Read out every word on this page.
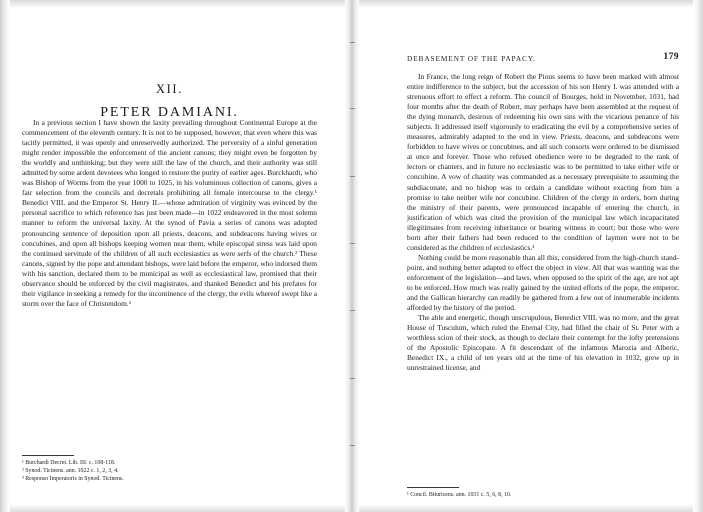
XII.
PETER DAMIANI.

In a previous section I have shown the laxity prevailing throughout Continental Europe at the commencement of the eleventh century. It is not to be supposed, however, that even where this was tacitly permitted, it was openly and unreservedly authorized. The perversity of a sinful generation might render impossible the enforcement of the ancient canons; they might even be forgotten by the worldly and unthinking; but they were still the law of the church, and their authority was still admitted by some ardent devotees who longed to restore the purity of earlier ages. Burckhardt, who was Bishop of Worms from the year 1000 to 1025, in his voluminous collection of canons, gives a fair selection from the councils and decretals prohibiting all female intercourse to the clergy.¹ Benedict VIII. and the Emperor St. Henry II.—whose admiration of virginity was evinced by the personal sacrifice to which reference has just been made—in 1022 endeavored in the most solemn manner to reform the universal laxity. At the synod of Pavia a series of canons was adopted pronouncing sentence of deposition upon all priests, deacons, and subdeacons having wives or concubines, and upon all bishops keeping women near them, while episcopal stress was laid upon the continued servitude of the children of all such ecclesiastics as were serfs of the church.² These canons, signed by the pope and attendant bishops, were laid before the emperor, who indorsed them with his sanction, declared them to be municipal as well as ecclesiastical law, promised that their observance should be enforced by the civil magistrates, and thanked Benedict and his prefates for their vigilance in seeking a remedy for the incontinence of the clergy, the evils whereof swept like a storm over the face of Christendom.³

¹ Burchardi Decret. Lib. III. c. 108-118.

² Synod. Ticinens. ann. 1022 c. 1, 2, 3, 4.

³ Responso Imperatoris in Synod. Ticinens.

DEBASEMENT OF THE PAPACY.	179

In France, the long reign of Robert the Pious seems to have been marked with almost entire indifference to the subject, but the accession of his son Henry I. was attended with a strenuous effort to effect a reform. The council of Bourges, held in November, 1031, had four months after the death of Robert, may perhaps have been assembled at the request of the dying monarch, desirous of redeeming his own sins with the vicarious penance of his subjects. It addressed itself vigorously to eradicating the evil by a comprehensive series of measures, admirably adapted to the end in view. Priests, deacons, and subdeacons were forbidden to have wives or concubines, and all such consorts were ordered to be dismissed at once and forever. Those who refused obedience were to be degraded to the rank of lectors or chanters, and in future no ecclesiastic was to be permitted to take either wife or concubine. A vow of chastity was commanded as a necessary prerequisite to assuming the subdiaconate, and no bishop was to ordain a candidate without exacting from him a promise to take neither wife nor concubine. Children of the clergy in orders, born during the ministry of their parents, were pronounced incapable of entering the church, in justification of which was cited the provision of the municipal law which incapacitated illegitimates from receiving inheritance or bearing witness in court; but those who were born after their fathers had been reduced to the condition of laymen were not to be considered as the children of ecclesiastics.¹

Nothing could be more reasonable than all this, considered from the high-church stand-point, and nothing better adapted to effect the object in view. All that was wanting was the enforcement of the legislation—and laws, when opposed to the spirit of the age, are not apt to be enforced. How much was really gained by the united efforts of the pope, the emperor, and the Gallican hierarchy can readily be gathered from a few out of innumerable incidents afforded by the history of the period.

The able and energetic, though unscrupulous, Benedict VIII. was no more, and the great House of Tusculum, which ruled the Eternal City, had filled the chair of St. Peter with a worthless scion of their stock, as though to declare their contempt for the lofty pretensions of the Apostolic Episcopate. A fit descendant of the infamous Marozia and Alberic, Benedict IX., a child of ten years old at the time of his elevation in 1032, grew up in unrestrained license, and

¹ Concil. Bituricens. ann. 1031 c. 5, 6, 8, 10.
